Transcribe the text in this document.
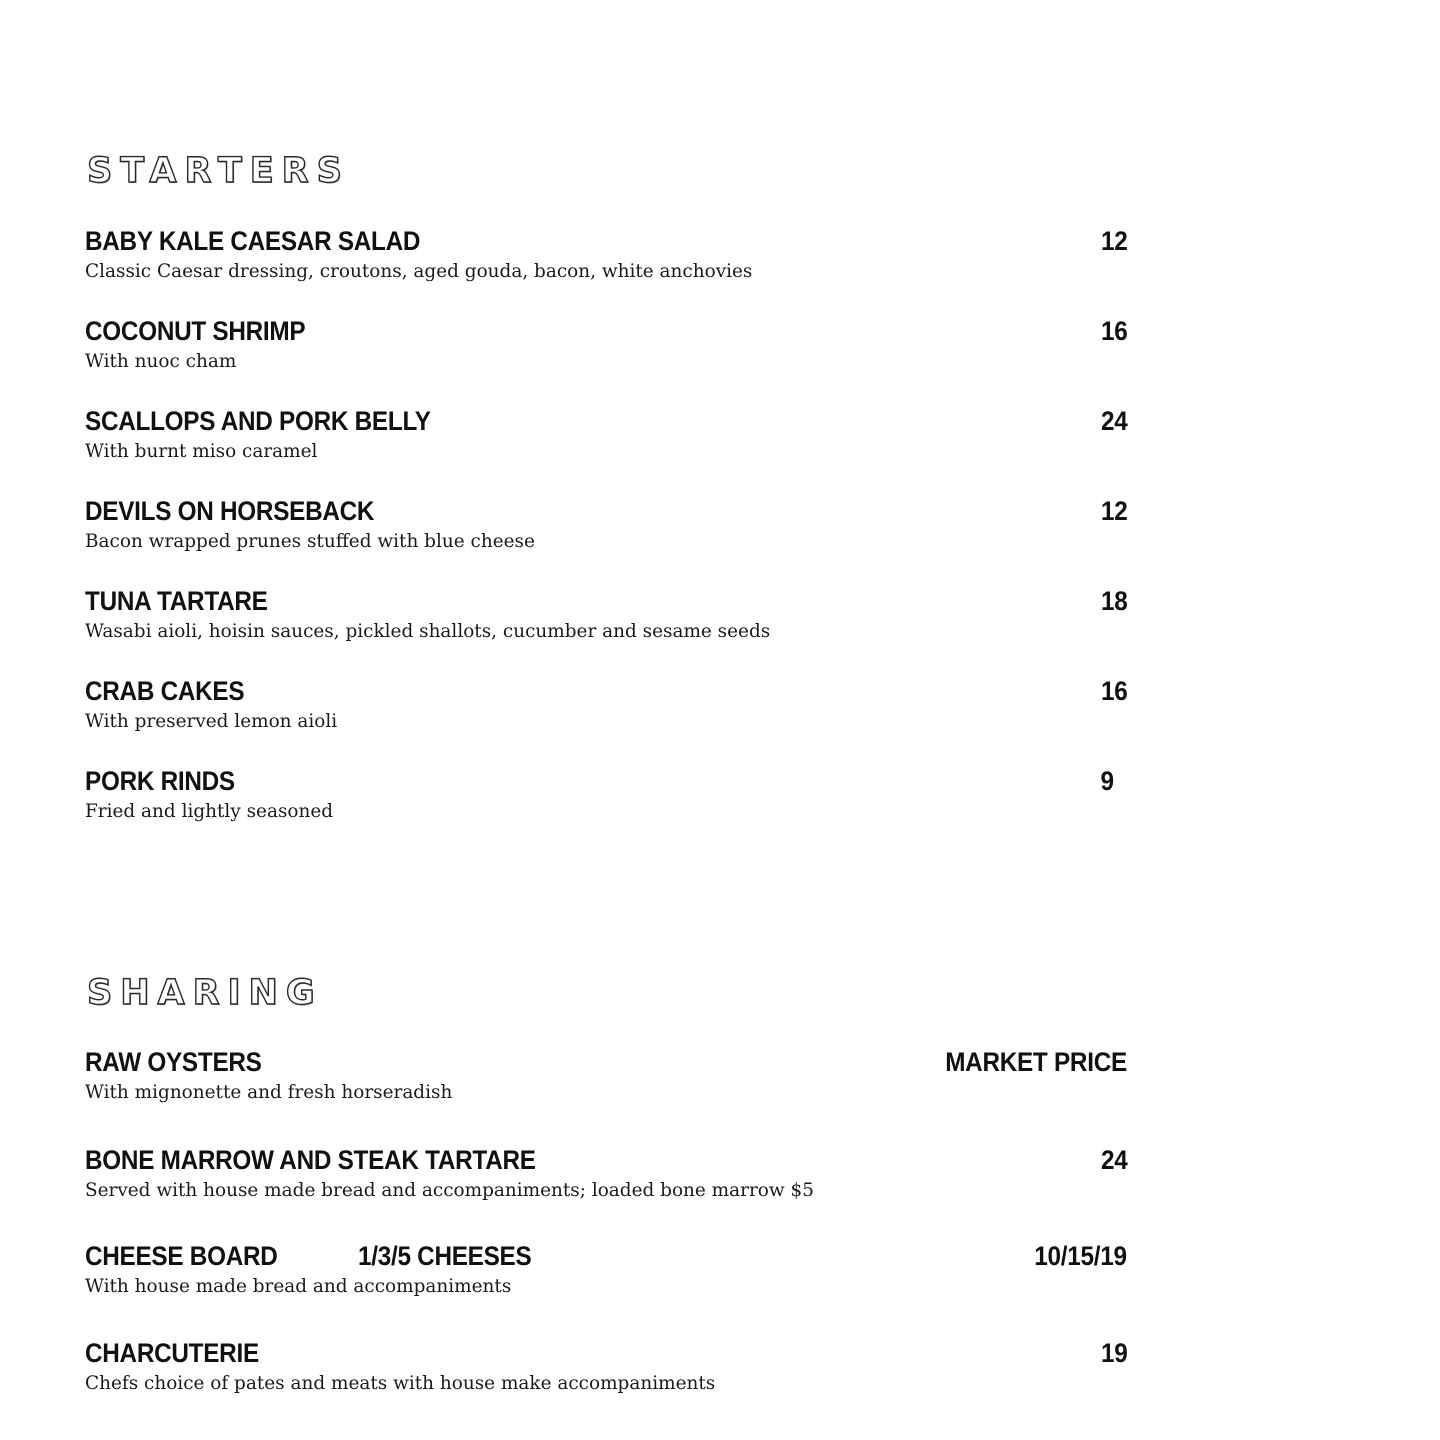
STARTERS
BABY KALE CAESAR SALAD	12
Classic Caesar dressing, croutons, aged gouda, bacon, white anchovies
COCONUT SHRIMP	16
With nuoc cham
SCALLOPS AND PORK BELLY	24
With burnt miso caramel
DEVILS ON HORSEBACK	12
Bacon wrapped prunes stuffed with blue cheese
TUNA TARTARE	18
Wasabi aioli, hoisin sauces, pickled shallots, cucumber and sesame seeds
CRAB CAKES	16
With preserved lemon aioli
PORK RINDS	9
Fried and lightly seasoned
SHARING
RAW OYSTERS	MARKET PRICE
With mignonette and fresh horseradish
BONE MARROW AND STEAK TARTARE	24
Served with house made bread and accompaniments; loaded bone marrow $5
CHEESE BOARD	1/3/5 CHEESES	10/15/19
With house made bread and accompaniments
CHARCUTERIE	19
Chefs choice of pates and meats with house make accompaniments
